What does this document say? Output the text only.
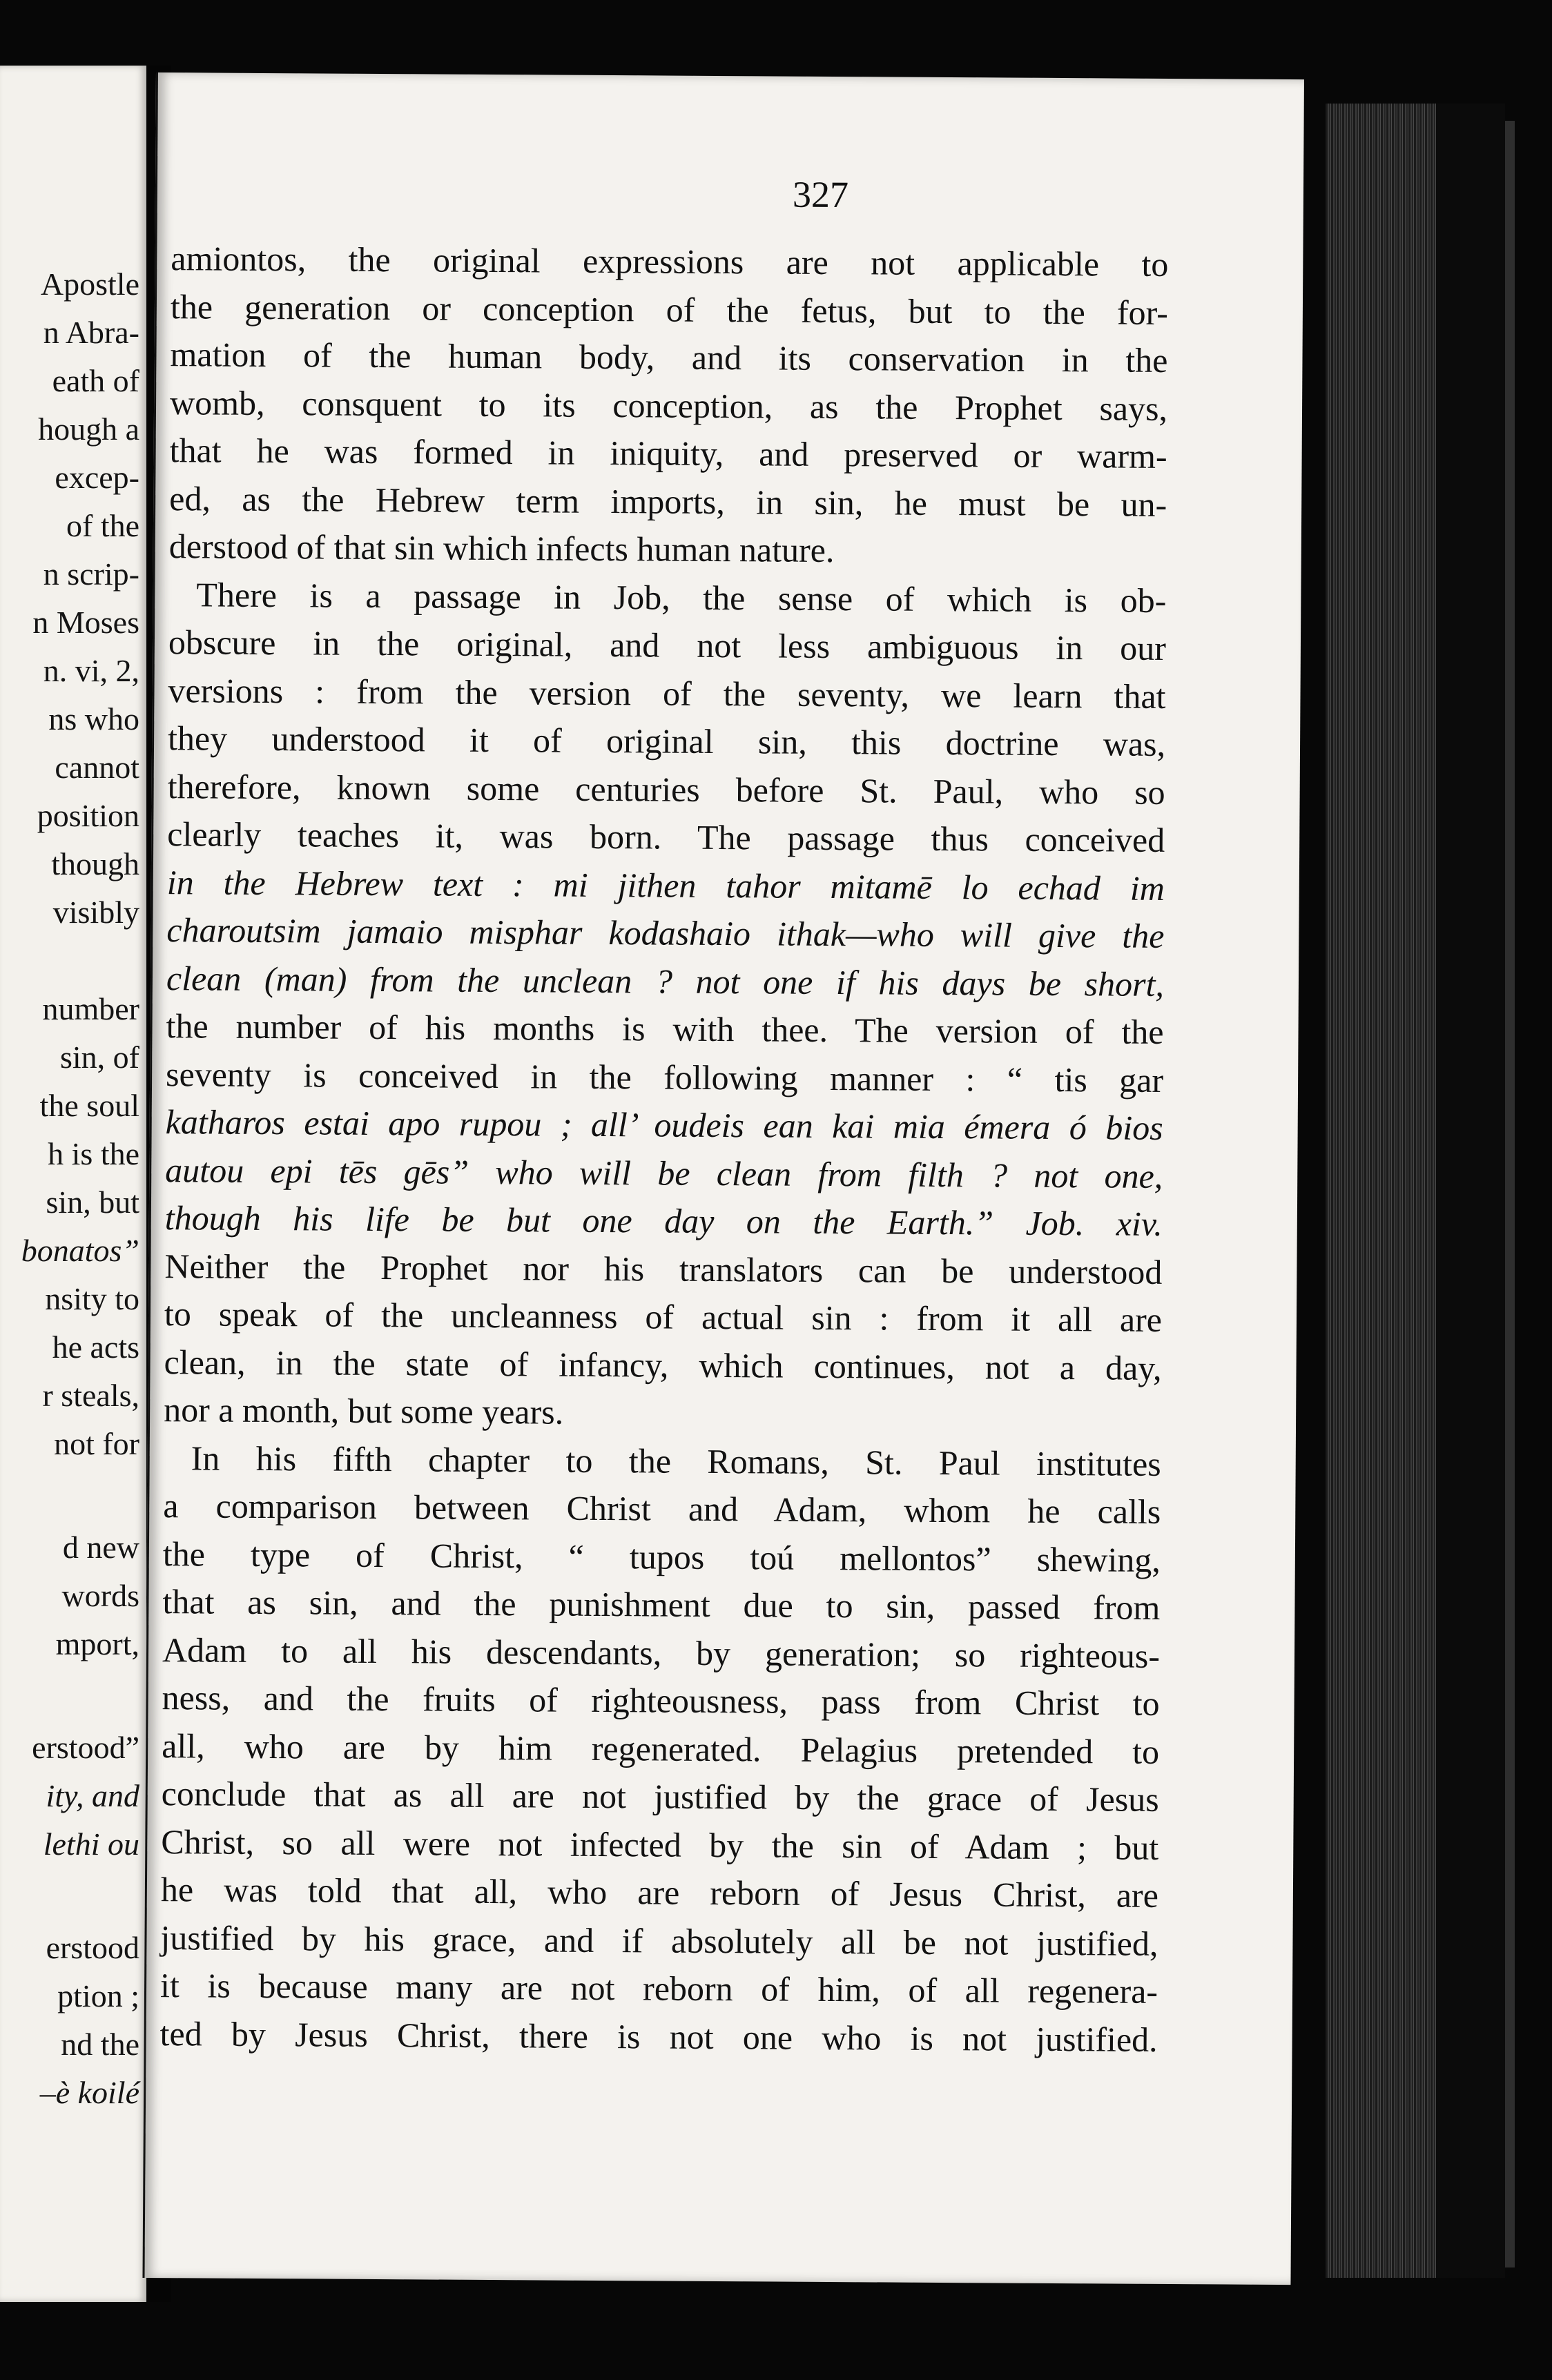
Apostle
n Abra-
eath of
hough a
excep-
of the
n scrip-
n Moses
n. vi, 2,
ns who
cannot
position
though
visibly
number
sin, of
the soul
h is the
sin, but
bonatos”
nsity to
he acts
r steals,
not for
d new
words
mport,
erstood”
ity, and
lethi ou
erstood
ption ;
nd the
–è koilé
327
amiontos, the original expressions are not applicable to
the generation or conception of the fetus, but to the for-
mation of the human body, and its conservation in the
womb, consquent to its conception, as the Prophet says,
that he was formed in iniquity, and preserved or warm-
ed, as the Hebrew term imports, in sin, he must be un-
derstood of that sin which infects human nature.
There is a passage in Job, the sense of which is ob-
obscure in the original, and not less ambiguous in our
versions : from the version of the seventy, we learn that
they understood it of original sin, this doctrine was,
therefore, known some centuries before St. Paul, who so
clearly teaches it, was born. The passage thus conceived
in the Hebrew text : mi jithen tahor mitamē lo echad im
charoutsim jamaio misphar kodashaio ithak—who will give the
clean (man) from the unclean ? not one if his days be short,
the number of his months is with thee. The version of the
seventy is conceived in the following manner : “ tis gar
katharos estai apo rupou ; all’ oudeis ean kai mia émera ó bios
autou epi tēs gēs” who will be clean from filth ? not one,
though his life be but one day on the Earth.” Job. xiv.
Neither the Prophet nor his translators can be understood
to speak of the uncleanness of actual sin : from it all are
clean, in the state of infancy, which continues, not a day,
nor a month, but some years.
In his fifth chapter to the Romans, St. Paul institutes
a comparison between Christ and Adam, whom he calls
the type of Christ, “ tupos toú mellontos” shewing,
that as sin, and the punishment due to sin, passed from
Adam to all his descendants, by generation; so righteous-
ness, and the fruits of righteousness, pass from Christ to
all, who are by him regenerated. Pelagius pretended to
conclude that as all are not justified by the grace of Jesus
Christ, so all were not infected by the sin of Adam ; but
he was told that all, who are reborn of Jesus Christ, are
justified by his grace, and if absolutely all be not justified,
it is because many are not reborn of him, of all regenera-
ted by Jesus Christ, there is not one who is not justified.
